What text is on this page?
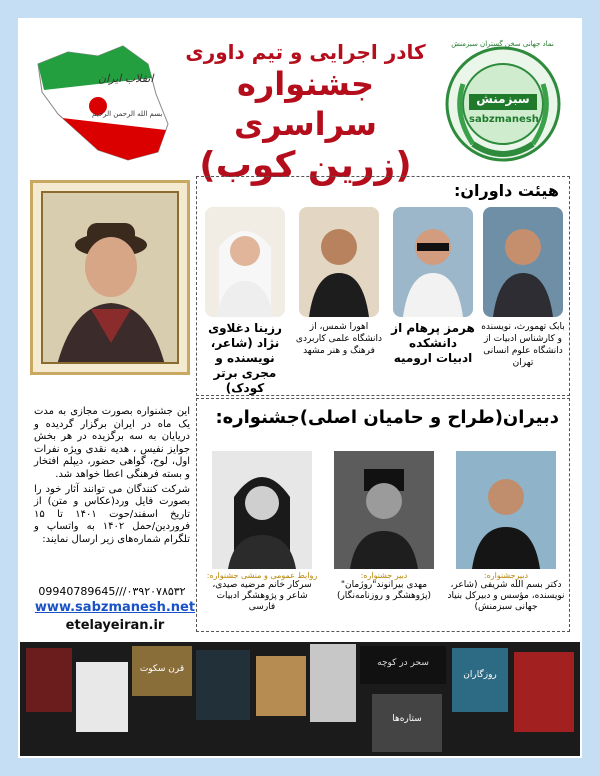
انقلاب ایران
بسم الله الرحمن الرحیم
کادر اجرایی و تیم داوری
جشنواره سراسری
(زرین کوب)
نماد جهانی سخن گستران سبزمنش
سبزمنش
sabzmanesh
هیئت داوران:
بابک تهمورث، نویسنده و کارشناس ادبیات از دانشگاه علوم انسانی تهران
هرمز پرهام از دانشکده ادبیات ارومیه
اهورا شمس، از دانشگاه علمی کاربردی فرهنگ و هنر مشهد
رزینا دغلاوی نژاد (شاعر، نویسنده و مجری برتر کودک)

این جشنواره بصورت مجازی به مدت یک ماه در ایران برگزار گردیده و دریایان به سه برگزیده در هر بخش جوایز نفیس ، هدیه نقدی ویژه نفرات اول، لوح، گواهی حضور، دیپلم افتخار و بسته فرهنگی اعطا خواهد شد.

شرکت کنندگان می توانند آثار خود را بصورت فایل ورد(عکاس و متن) از تاریخ اسفند/حوت ۱۴۰۱ تا ۱۵ فروردین/حمل ۱۴۰۲ به واتساپ و تلگرام شماره‌های زیر ارسال نمایند:

09940789645///۰۳۹۲۰۷۸۵۳۲
www.sabzmanesh.net
etelayeiran.ir
دبیران(طراح و حامیان اصلی)جشنواره:
روابط عمومی و منشی جشنواره:
سرکار خانم مرضیه صیدی، شاعر و پژوهشگر ادبیات فارسی
دبیر جشنواره:
مهدی بیرانوند"روژمان" (پژوهشگر و روزنامه‌نگار)
دبیرجشنواره:
دکتر بسم الله شریفی (شاعر، نویسنده، مؤسس و دبیرکل بنیاد جهانی سبزمنش)
قرن سکوت
سحر در کوچه
روزگاران
ستاره‌ها
